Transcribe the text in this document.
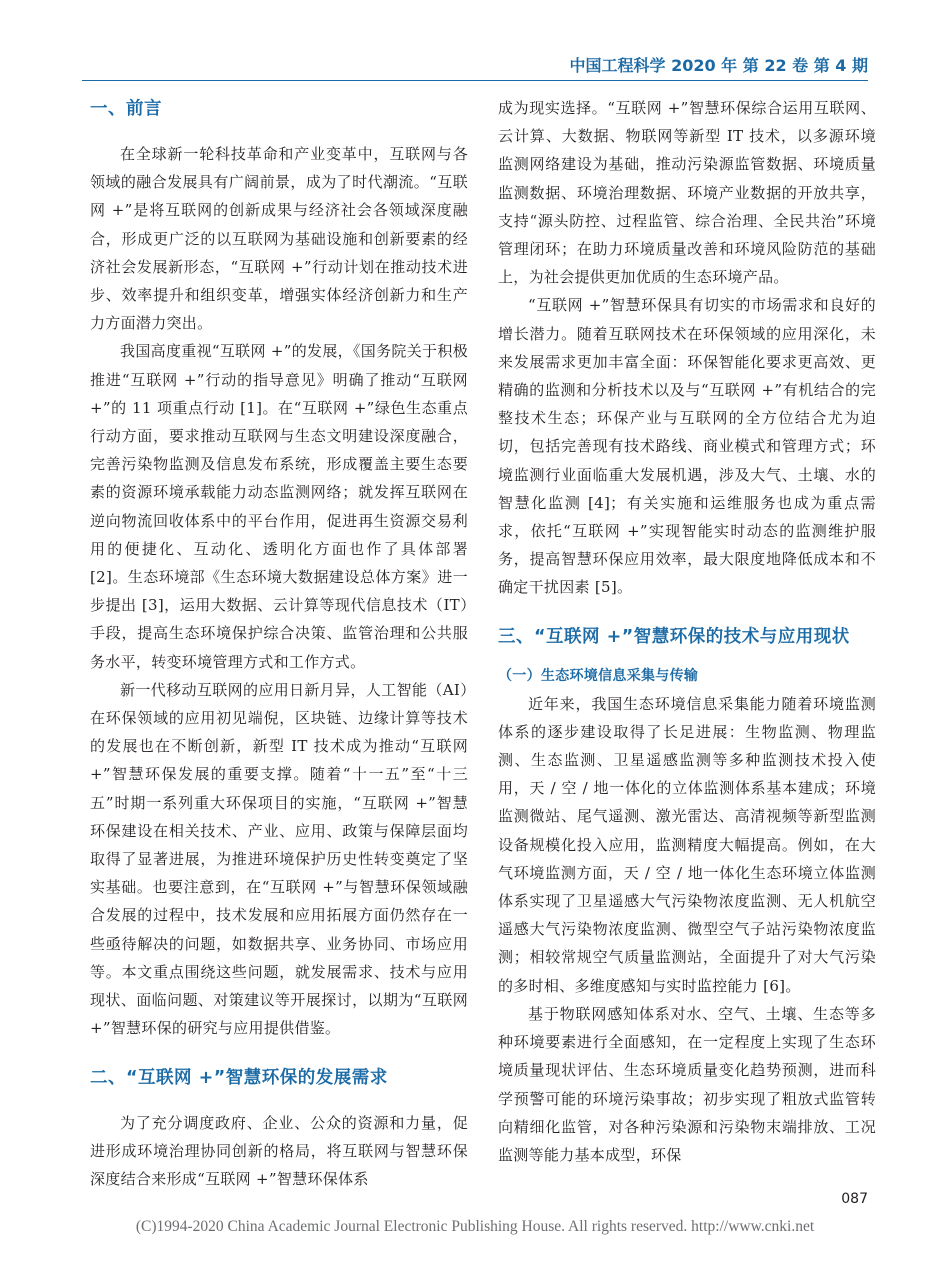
中国工程科学 2020 年 第 22 卷 第 4 期
一、前言

在全球新一轮科技革命和产业变革中，互联网与各领域的融合发展具有广阔前景，成为了时代潮流。“互联网 +”是将互联网的创新成果与经济社会各领域深度融合，形成更广泛的以互联网为基础设施和创新要素的经济社会发展新形态，“互联网 +”行动计划在推动技术进步、效率提升和组织变革，增强实体经济创新力和生产力方面潜力突出。

我国高度重视“互联网 +”的发展，《国务院关于积极推进“互联网 +”行动的指导意见》明确了推动“互联网 +”的 11 项重点行动 [1]。在“互联网 +”绿色生态重点行动方面，要求推动互联网与生态文明建设深度融合，完善污染物监测及信息发布系统，形成覆盖主要生态要素的资源环境承载能力动态监测网络；就发挥互联网在逆向物流回收体系中的平台作用，促进再生资源交易利用的便捷化、互动化、透明化方面也作了具体部署 [2]。生态环境部《生态环境大数据建设总体方案》进一步提出 [3]，运用大数据、云计算等现代信息技术（IT）手段，提高生态环境保护综合决策、监管治理和公共服务水平，转变环境管理方式和工作方式。

新一代移动互联网的应用日新月异，人工智能（AI）在环保领域的应用初见端倪，区块链、边缘计算等技术的发展也在不断创新，新型 IT 技术成为推动“互联网 +”智慧环保发展的重要支撑。随着“十一五”至“十三五”时期一系列重大环保项目的实施，“互联网 +”智慧环保建设在相关技术、产业、应用、政策与保障层面均取得了显著进展，为推进环境保护历史性转变奠定了坚实基础。也要注意到，在“互联网 +”与智慧环保领域融合发展的过程中，技术发展和应用拓展方面仍然存在一些亟待解决的问题，如数据共享、业务协同、市场应用等。本文重点围绕这些问题，就发展需求、技术与应用现状、面临问题、对策建议等开展探讨，以期为“互联网 +”智慧环保的研究与应用提供借鉴。

二、“互联网 +”智慧环保的发展需求

为了充分调度政府、企业、公众的资源和力量，促进形成环境治理协同创新的格局，将互联网与智慧环保深度结合来形成“互联网 +”智慧环保体系

成为现实选择。“互联网 +”智慧环保综合运用互联网、云计算、大数据、物联网等新型 IT 技术，以多源环境监测网络建设为基础，推动污染源监管数据、环境质量监测数据、环境治理数据、环境产业数据的开放共享，支持“源头防控、过程监管、综合治理、全民共治”环境管理闭环；在助力环境质量改善和环境风险防范的基础上，为社会提供更加优质的生态环境产品。

“互联网 +”智慧环保具有切实的市场需求和良好的增长潜力。随着互联网技术在环保领域的应用深化，未来发展需求更加丰富全面：环保智能化要求更高效、更精确的监测和分析技术以及与“互联网 +”有机结合的完整技术生态；环保产业与互联网的全方位结合尤为迫切，包括完善现有技术路线、商业模式和管理方式；环境监测行业面临重大发展机遇，涉及大气、土壤、水的智慧化监测 [4]；有关实施和运维服务也成为重点需求，依托“互联网 +”实现智能实时动态的监测维护服务，提高智慧环保应用效率，最大限度地降低成本和不确定干扰因素 [5]。

三、“互联网 +”智慧环保的技术与应用现状
（一）生态环境信息采集与传输

近年来，我国生态环境信息采集能力随着环境监测体系的逐步建设取得了长足进展：生物监测、物理监测、生态监测、卫星遥感监测等多种监测技术投入使用，天 / 空 / 地一体化的立体监测体系基本建成；环境监测微站、尾气遥测、激光雷达、高清视频等新型监测设备规模化投入应用，监测精度大幅提高。例如，在大气环境监测方面，天 / 空 / 地一体化生态环境立体监测体系实现了卫星遥感大气污染物浓度监测、无人机航空遥感大气污染物浓度监测、微型空气子站污染物浓度监测；相较常规空气质量监测站，全面提升了对大气污染的多时相、多维度感知与实时监控能力 [6]。

基于物联网感知体系对水、空气、土壤、生态等多种环境要素进行全面感知，在一定程度上实现了生态环境质量现状评估、生态环境质量变化趋势预测，进而科学预警可能的环境污染事故；初步实现了粗放式监管转向精细化监管，对各种污染源和污染物末端排放、工况监测等能力基本成型，环保

087
(C)1994-2020 China Academic Journal Electronic Publishing House. All rights reserved. http://www.cnki.net
